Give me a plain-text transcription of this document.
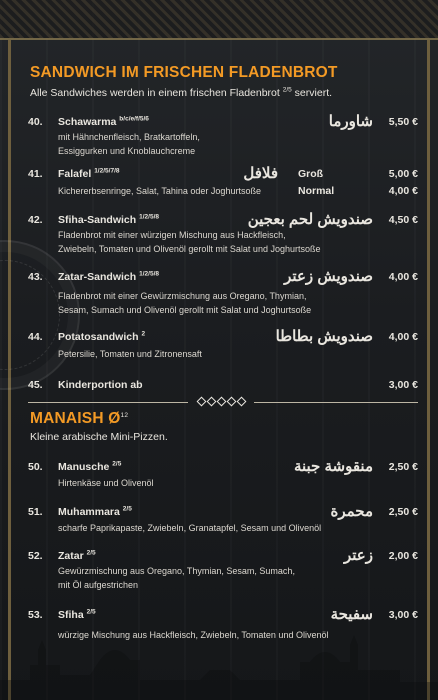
SANDWICH IM FRISCHEN FLADENBROT
Alle Sandwiches werden in einem frischen Fladenbrot $^{2/5}$ serviert.
40.	Schawarma $^{b/c/e/f/5/6}$	شاورما 5,50 €
mit Hähnchenfleisch, Bratkartoffeln,
Essiggurken und Knoblauchcreme
41.	Falafel $^{1/2/5/7/8}$	فلافل Groß	5,00 €
Kichererbsenringe, Salat, Tahina oder Joghurtsoße	Normal	4,00 €
42.	Sfiha-Sandwich $^{1/2/5/8}$	صندويش لحم بعجين 4,50 €
Fladenbrot mit einer würzigen Mischung aus Hackfleisch,
Zwiebeln, Tomaten und Olivenöl gerollt mit Salat und Joghurtsoße
43.	Zatar-Sandwich $^{1/2/5/8}$	صندويش زعتر 4,00 €
Fladenbrot mit einer Gewürzmischung aus Oregano, Thymian,
Sesam, Sumach und Olivenöl gerollt mit Salat und Joghurtsoße
44.	Potatosandwich $^2$	صندويش بطاطا 4,00 €
Petersilie, Tomaten und Zitronensaft
45.	Kinderportion ab	3,00 €
MANAISH $Ø^{12}$
Kleine arabische Mini-Pizzen.
50.	Manusche $^{2/5}$	منقوشة جبنة 2,50 €
Hirtenkäse und Olivenöl
51.	Muhammara $^{2/5}$	محمرة 2,50 €
scharfe Paprikapaste, Zwiebeln, Granatapfel, Sesam und Olivenöl
52.	Zatar $^{2/5}$	زعتر 2,00 €
Gewürzmischung aus Oregano, Thymian, Sesam, Sumach,
mit Öl aufgestrichen
53.	Sfiha $^{2/5}$	سفيحة 3,00 €
würzige Mischung aus Hackfleisch, Zwiebeln, Tomaten und Olivenöl
